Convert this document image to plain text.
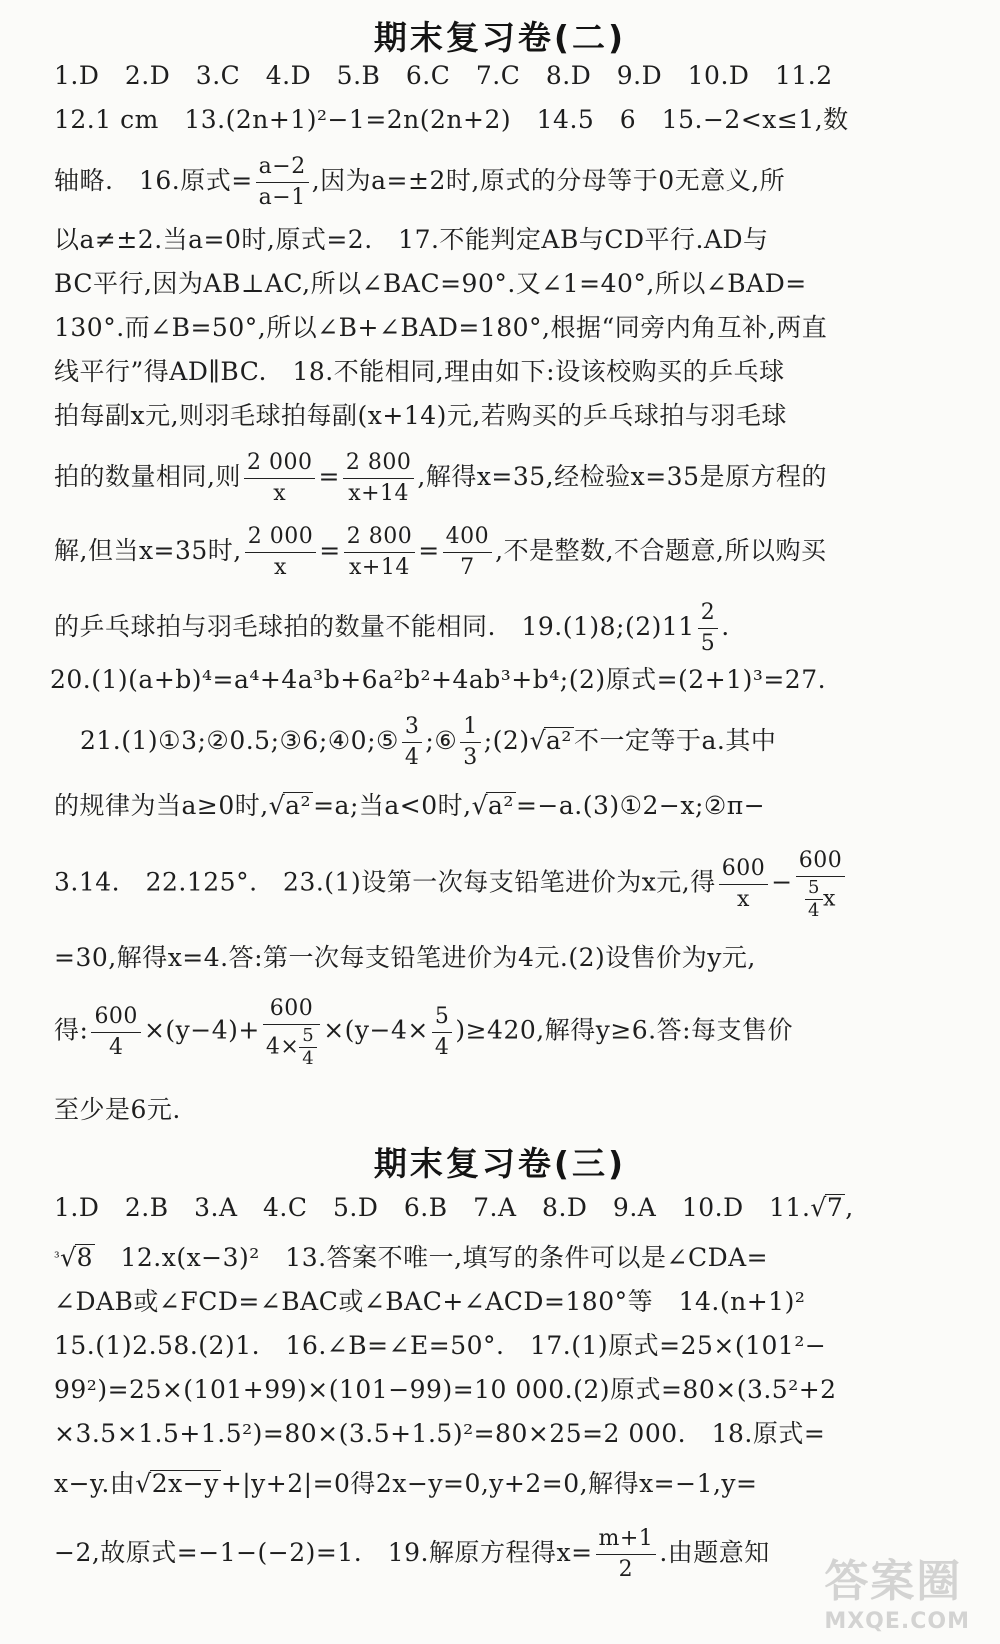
期末复习卷(二)
1.D　2.D　3.C　4.D　5.B　6.C　7.C　8.D　9.D　10.D　11.2
12.1 cm　13.(2n+1)²−1=2n(2n+2)　14.5　6　15.−2<x≤1,数
轴略.　16.原式= $\frac{a-2}{a-1}$ ,因为a=±2时,原式的分母等于0无意义,所
以a≠±2.当a=0时,原式=2.　17.不能判定AB与CD平行.AD与
BC平行,因为AB⊥AC,所以∠BAC=90°.又∠1=40°,所以∠BAD=
130°.而∠B=50°,所以∠B+∠BAD=180°,根据“同旁内角互补,两直
线平行”得AD∥BC.　18.不能相同,理由如下:设该校购买的乒乓球
拍每副x元,则羽毛球拍每副(x+14)元,若购买的乒乓球拍与羽毛球
拍的数量相同,则 $\frac{2 000}{x} = \frac{2 800}{x+14}$ ,解得x=35,经检验x=35是原方程的
解,但当x=35时, $\frac{2 000}{x} = \frac{2 800}{x+14} = \frac{400}{7}$ ,不是整数,不合题意,所以购买
的乒乓球拍与羽毛球拍的数量不能相同.　19.(1)8;(2)11 $\frac{2}{5}$ .
20.(1)(a+b)⁴=a⁴+4a³b+6a²b²+4ab³+b⁴;(2)原式=(2+1)³=27.
21.(1)①3;②0.5;③6;④0;⑤ $\frac{3}{4}$ ;⑥ $\frac{1}{3}$ ;(2)√a²不一定等于a.其中
的规律为当a≥0时,√a²=a;当a<0时,√a²=−a.(3)①2−x;②π−
3.14.　22.125°.　23.(1)设第一次每支铅笔进价为x元,得 $\frac{600}{x} - \frac{600}{\frac{5}{4} x}$
=30,解得x=4.答:第一次每支铅笔进价为4元.(2)设售价为y元,
得: $\frac{600}{4} \times(y-4)+ \frac{600}{4\times \frac{5}{4}} \times(y-4\times \frac{5}{4} )\ge 420$,解得y≥6.答:每支售价
至少是6元.
期末复习卷(三)
1.D　2.B　3.A　4.C　5.D　6.B　7.A　8.D　9.A　10.D　11.√7,
$^{^3}$√8　12.x(x−3)²　13.答案不唯一,填写的条件可以是∠CDA=
∠DAB或∠FCD=∠BAC或∠BAC+∠ACD=180°等　14.(n+1)²
15.(1)2.58.(2)1.　16.∠B=∠E=50°.　17.(1)原式=25×(101²−
99²)=25×(101+99)×(101−99)=10 000.(2)原式=80×(3.5²+2
×3.5×1.5+1.5²)=80×(3.5+1.5)²=80×25=2 000.　18.原式=
x−y.由√2x−y+|y+2|=0得2x−y=0,y+2=0,解得x=−1,y=
−2,故原式=−1−(−2)=1.　19.解原方程得$x= \frac{m+1}{2}$ .由题意知
答案圈
MXQE.COM
